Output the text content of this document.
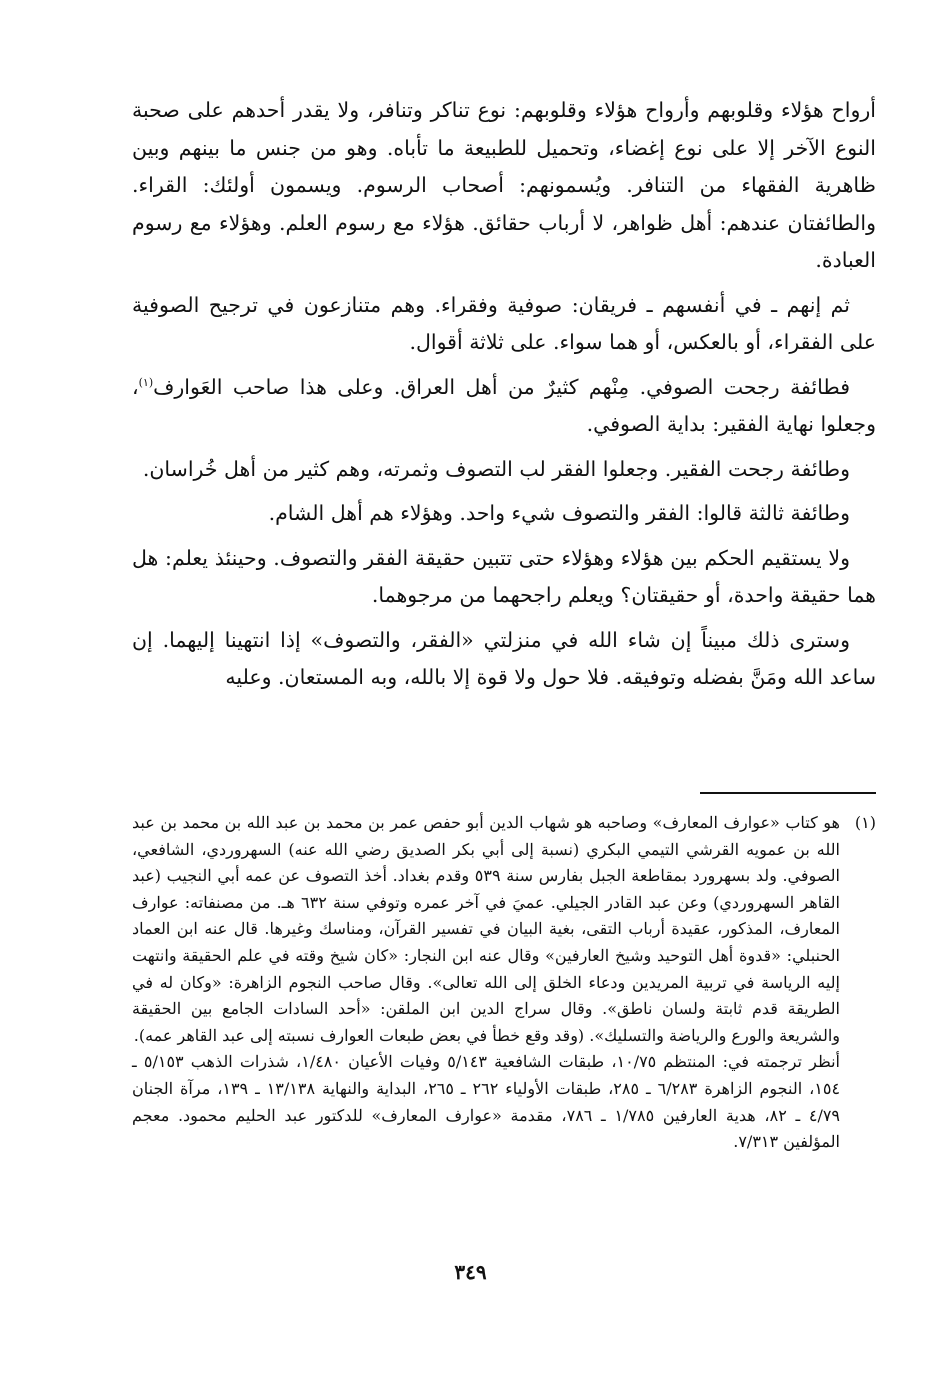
أرواح هؤلاء وقلوبهم وأرواح هؤلاء وقلوبهم: نوع تناكر وتنافر، ولا يقدر أحدهم على صحبة النوع الآخر إلا على نوع إغضاء، وتحميل للطبيعة ما تأباه. وهو من جنس ما بينهم وبين ظاهرية الفقهاء من التنافر. ويُسمونهم: أصحاب الرسوم. ويسمون أولئك: القراء. والطائفتان عندهم: أهل ظواهر، لا أرباب حقائق. هؤلاء مع رسوم العلم. وهؤلاء مع رسوم العبادة.

ثم إنهم ـ في أنفسهم ـ فريقان: صوفية وفقراء. وهم متنازعون في ترجيح الصوفية على الفقراء، أو بالعكس، أو هما سواء. على ثلاثة أقوال.

فطائفة رجحت الصوفي. مِنْهم كثيرٌ من أهل العراق. وعلى هذا صاحب العَوارف$^{(١)}$، وجعلوا نهاية الفقير: بداية الصوفي.

وطائفة رجحت الفقير. وجعلوا الفقر لب التصوف وثمرته، وهم كثير من أهل خُراسان.

وطائفة ثالثة قالوا: الفقر والتصوف شيء واحد. وهؤلاء هم أهل الشام.

ولا يستقيم الحكم بين هؤلاء وهؤلاء حتى تتبين حقيقة الفقر والتصوف. وحينئذ يعلم: هل هما حقيقة واحدة، أو حقيقتان؟ ويعلم راجحهما من مرجوهما.

وسترى ذلك مبيناً إن شاء الله في منزلتي «الفقر، والتصوف» إذا انتهينا إليهما. إن ساعد الله ومَنَّ بفضله وتوفيقه. فلا حول ولا قوة إلا بالله، وبه المستعان. وعليه

(١)

هو كتاب «عوارف المعارف» وصاحبه هو شهاب الدين أبو حفص عمر بن محمد بن عبد الله بن محمد بن عبد الله بن عمويه القرشي التيمي البكري (نسبة إلى أبي بكر الصديق رضي الله عنه) السهروردي، الشافعي، الصوفي. ولد بسهرورد بمقاطعة الجبل بفارس سنة ٥٣٩ وقدم بغداد. أخذ التصوف عن عمه أبي النجيب (عبد القاهر السهروردي) وعن عبد القادر الجيلي. عميَ في آخر عمره وتوفي سنة ٦٣٢ هـ. من مصنفاته: عوارف المعارف، المذكور، عقيدة أرباب التقى، بغية البيان في تفسير القرآن، ومناسك وغيرها. قال عنه ابن العماد الحنبلي: «قدوة أهل التوحيد وشيخ العارفين» وقال عنه ابن النجار: «كان شيخ وقته في علم الحقيقة وانتهت إليه الرياسة في تربية المريدين ودعاء الخلق إلى الله تعالى». وقال صاحب النجوم الزاهرة: «وكان له في الطريقة قدم ثابتة ولسان ناطق». وقال سراج الدين ابن الملقن: «أحد السادات الجامع بين الحقيقة والشريعة والورع والرياضة والتسليك». (وقد وقع خطأ في بعض طبعات العوارف نسبته إلى عبد القاهر عمه).

أنظر ترجمته في: المنتظم ١٠/٧٥، طبقات الشافعية ٥/١٤٣ وفيات الأعيان ١/٤٨٠، شذرات الذهب ٥/١٥٣ ـ ١٥٤، النجوم الزاهرة ٦/٢٨٣ ـ ٢٨٥، طبقات الأولياء ٢٦٢ ـ ٢٦٥، البداية والنهاية ١٣/١٣٨ ـ ١٣٩، مرآة الجنان ٤/٧٩ ـ ٨٢، هدية العارفين ١/٧٨٥ ـ ٧٨٦، مقدمة «عوارف المعارف» للدكتور عبد الحليم محمود. معجم المؤلفين ٧/٣١٣.

٣٤٩
